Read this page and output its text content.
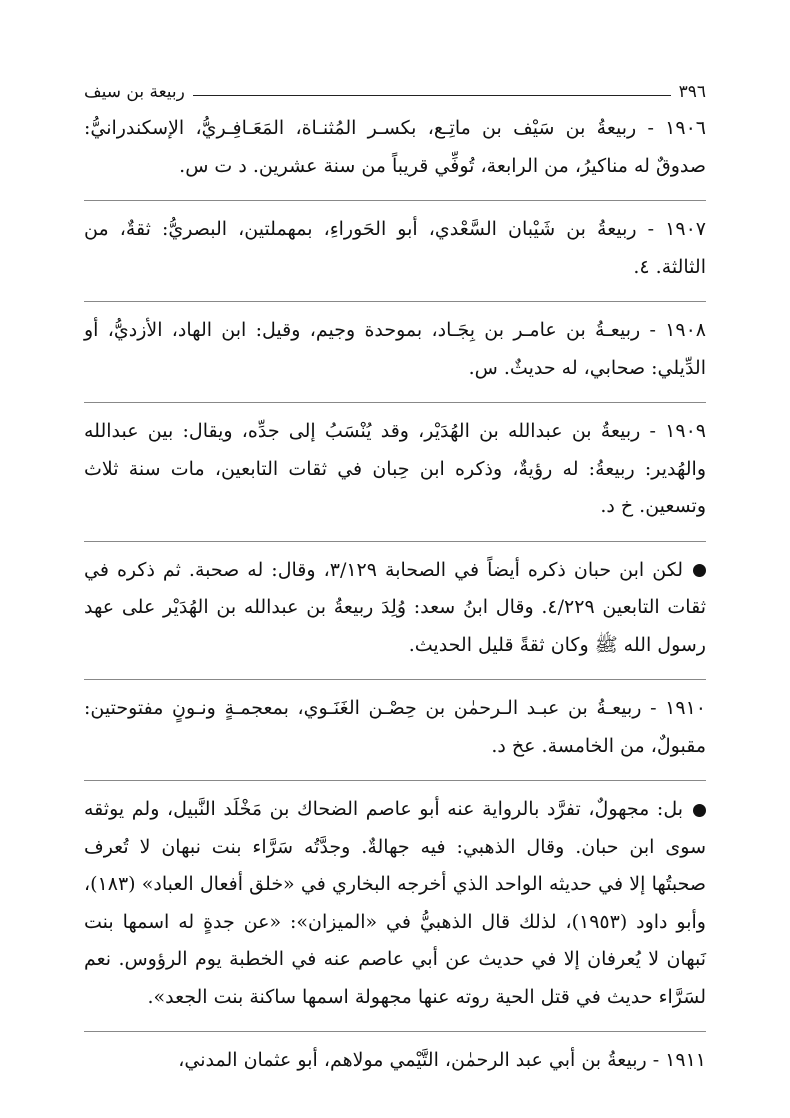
٣٩٦
ربيعة بن سيف

١٩٠٦ - ربيعةُ بن سَيْف بن ماتِـع، بكسـر المُثنـاة، المَعَـافِـريُّ، الإسكندرانيُّ: صدوقٌ له مناكيرُ، من الرابعة، تُوفِّي قريباً من سنة عشرين. د ت س.

١٩٠٧ - ربيعةُ بن شَيْبان السَّعْدي، أبو الحَوراءِ، بمهملتين، البصريُّ: ثقةٌ، من الثالثة. ٤.

١٩٠٨ - ربيعـةُ بن عامـر بن بِجَـاد، بموحدة وجيم، وقيل: ابن الهاد، الأزديُّ، أو الدِّيلي: صحابي، له حديثٌ. س.

١٩٠٩ - ربيعةُ بن عبدالله بن الهُدَيْر، وقد يُنْسَبُ إلى جدِّه، ويقال: بين عبدالله والهُدير: ربيعةُ: له رؤيةٌ، وذكره ابن حِبان في ثقات التابعين، مات سنة ثلاث وتسعين. خ د.

لكن ابن حبان ذكره أيضاً في الصحابة ٣/١٢٩، وقال: له صحبة. ثم ذكره في ثقات التابعين ٤/٢٢٩. وقال ابنُ سعد: وُلِدَ ربيعةُ بن عبدالله بن الهُدَيْر على عهد رسول الله ﷺ وكان ثقةً قليل الحديث.

١٩١٠ - ربيعـةُ بن عبـد الـرحمٰن بن حِصْـن الغَنَـوي، بمعجمـةٍ ونـونٍ مفتوحتين: مقبولٌ، من الخامسة. عخ د.

بل: مجهولٌ، تفرَّد بالرواية عنه أبو عاصم الضحاك بن مَخْلَد النَّبيل، ولم يوثقه سوى ابن حبان. وقال الذهبي: فيه جهالةٌ. وجدَّتُه سَرَّاء بنت نبهان لا تُعرف صحبتُها إلا في حديثه الواحد الذي أخرجه البخاري في «خلق أفعال العباد» (١٨٣)، وأبو داود (١٩٥٣)، لذلك قال الذهبيُّ في «الميزان»: «عن جدةٍ له اسمها بنت نَبهان لا يُعرفان إلا في حديث عن أبي عاصم عنه في الخطبة يوم الرؤوس. نعم لسَرَّاء حديث في قتل الحية روته عنها مجهولة اسمها ساكنة بنت الجعد».

١٩١١ - ربيعةُ بن أبي عبد الرحمٰن، التَّيْمي مولاهم، أبو عثمان المدني،
